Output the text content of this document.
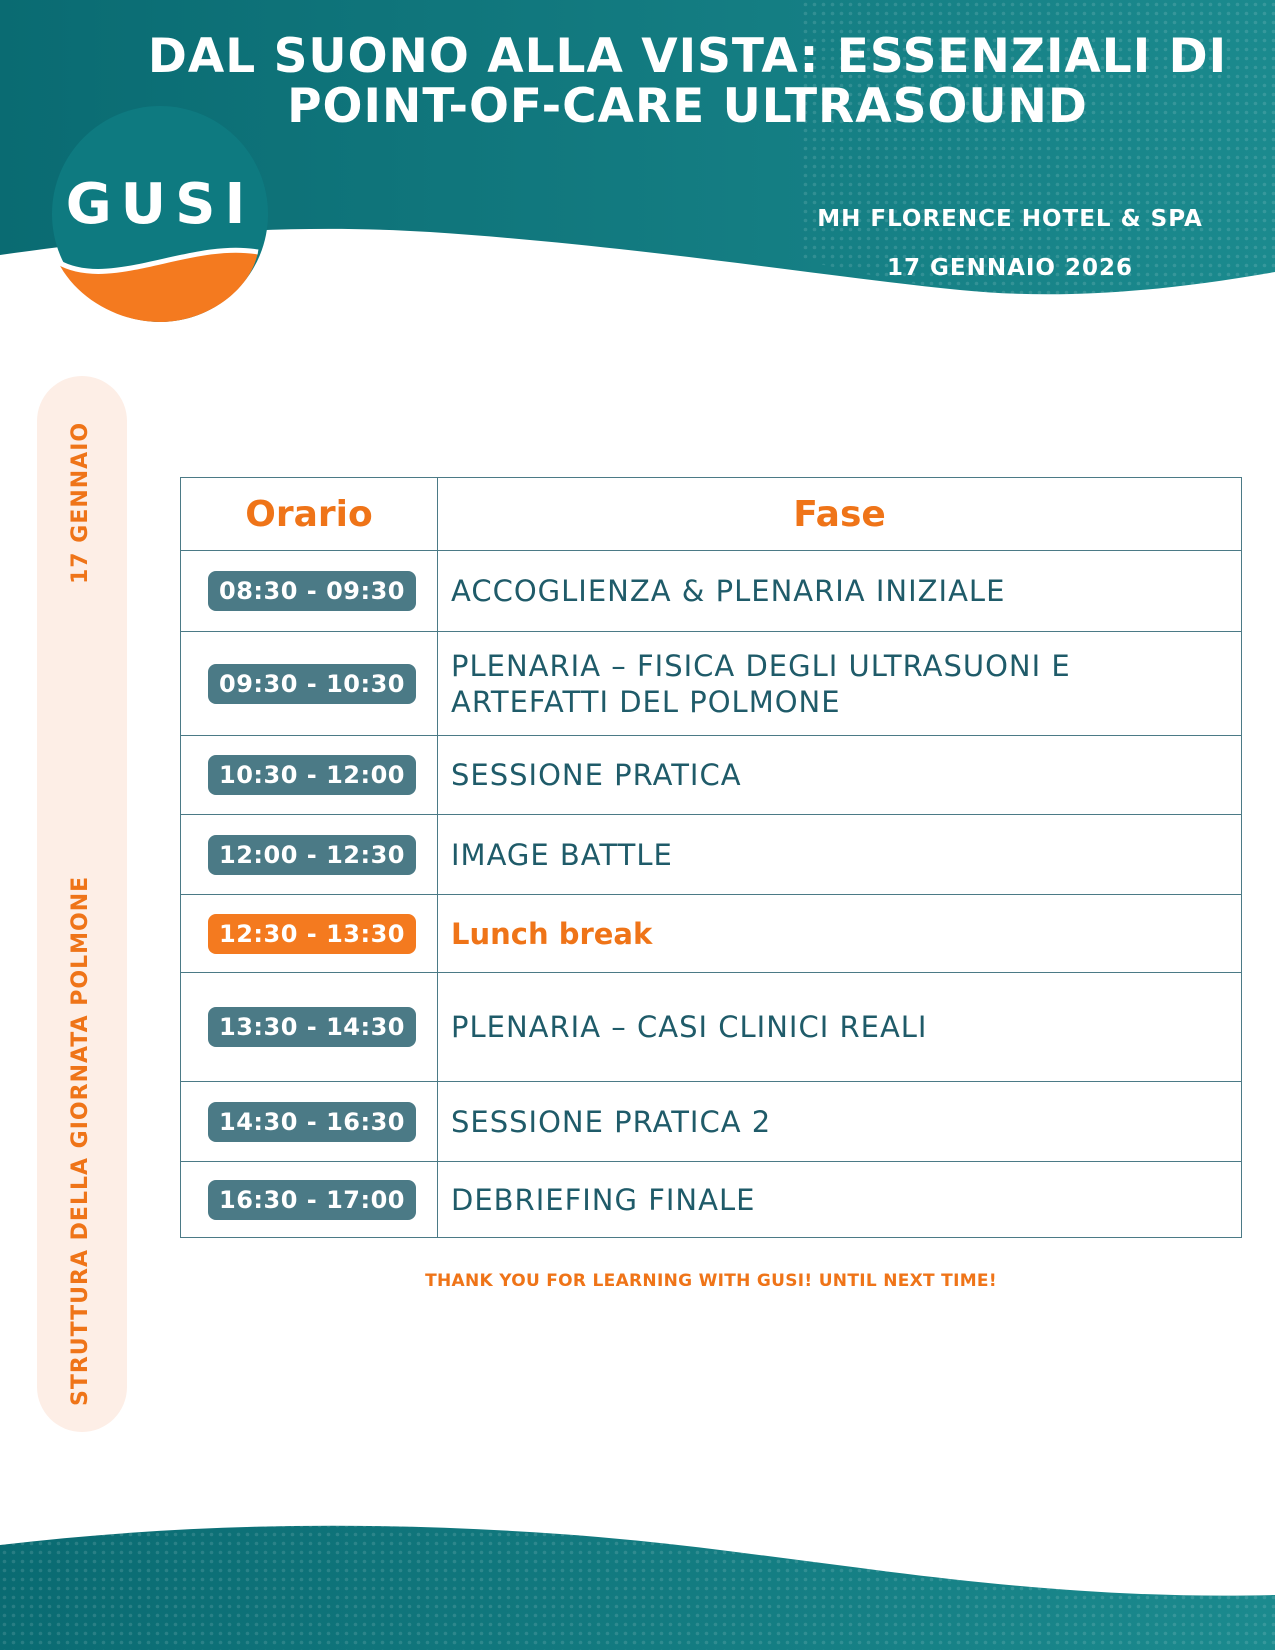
DAL SUONO ALLA VISTA: ESSENZIALI DI
POINT-OF-CARE ULTRASOUND
GUSI	MH FLORENCE HOTEL & SPA
17 GENNAIO 2026
17 GENNAIO
STRUTTURA DELLA GIORNATA POLMONE
Orario	Fase
08:30 - 09:30	ACCOGLIENZA & PLENARIA INIZIALE
09:30 - 10:30	PLENARIA – FISICA DEGLI ULTRASUONI E
ARTEFATTI DEL POLMONE

10:30 - 12:00	SESSIONE PRATICA
12:00 - 12:30	IMAGE BATTLE
12:30 - 13:30	Lunch break
13:30 - 14:30	PLENARIA – CASI CLINICI REALI
14:30 - 16:30	SESSIONE PRATICA 2
16:30 - 17:00	DEBRIEFING FINALE
THANK YOU FOR LEARNING WITH GUSI! UNTIL NEXT TIME!
